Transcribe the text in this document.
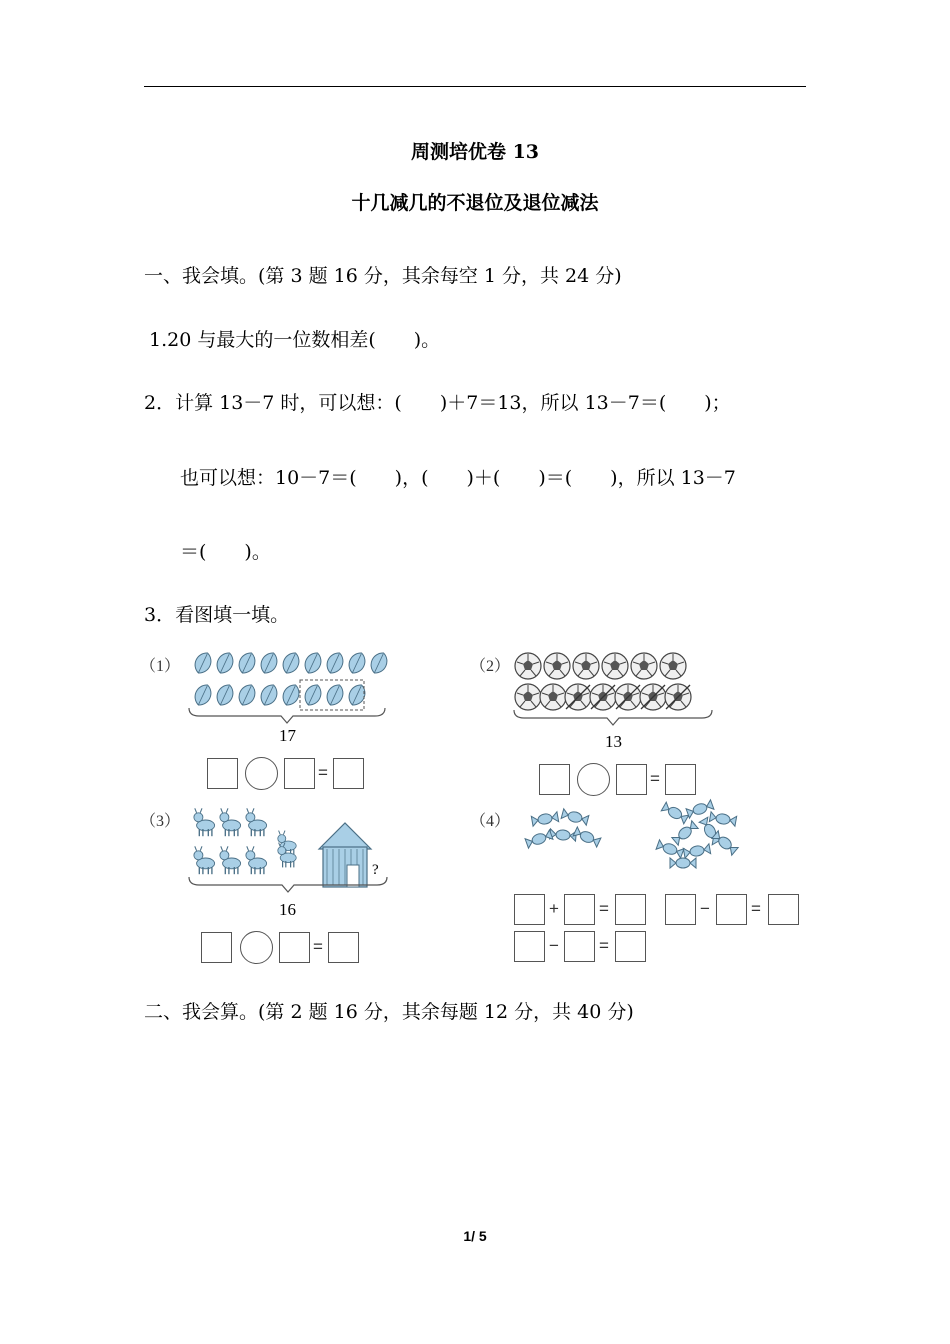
周测培优卷 13
十几减几的不退位及退位减法
一、我会填。(第 3 题 16 分，其余每空 1 分，共 24 分)
1.20 与最大的一位数相差(　　)。
2．计算 13－7 时，可以想：(　　)＋7＝13，所以 13－7＝(　　)；
也可以想：10－7＝(　　)，(　　)＋(　　)＝(　　)，所以 13－7
＝(　　)。
3．看图填一填。
（1）
17
=
（2）
13
=
（3）
?
16
=
（4）
+ =	− =
− =
二、我会算。(第 2 题 16 分，其余每题 12 分，共 40 分)
1/ 5
